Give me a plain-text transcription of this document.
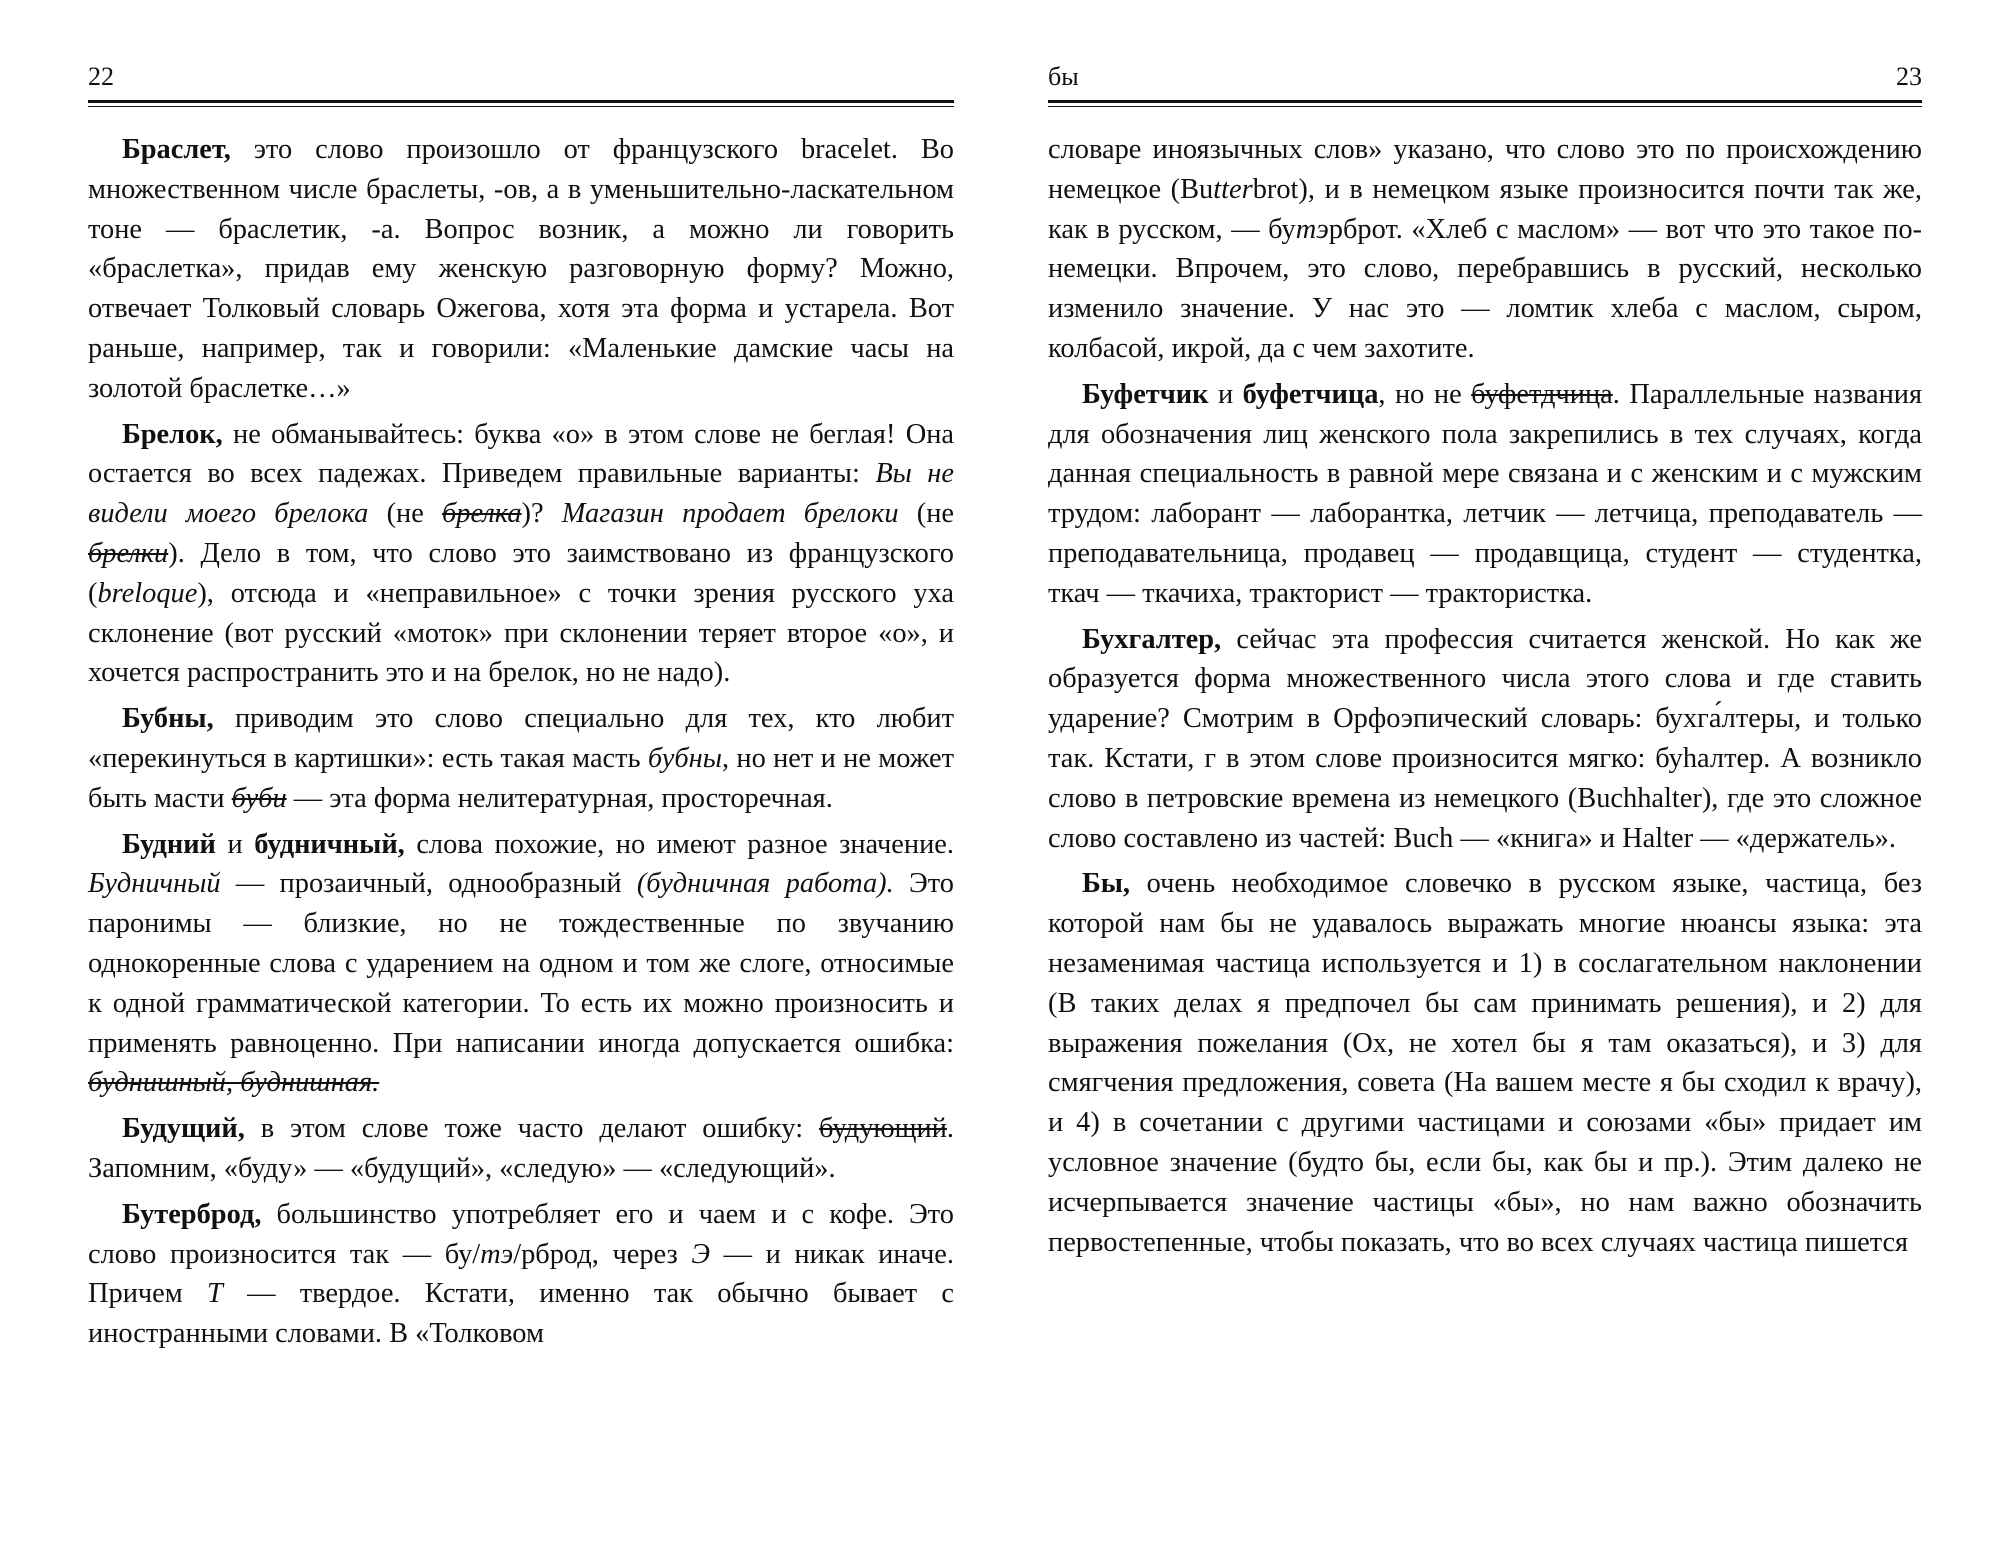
22

Браслет, это слово произошло от французского bracelet. Во множественном числе браслеты, -ов, а в уменьшительно-ласкательном тоне — браслетик, -а. Вопрос возник, а можно ли говорить «браслетка», придав ему женскую разговорную форму? Можно, отвечает Толковый словарь Ожегова, хотя эта форма и устарела. Вот раньше, например, так и говорили: «Маленькие дамские часы на золотой браслетке…»

Брелок, не обманывайтесь: буква «о» в этом слове не беглая! Она остается во всех падежах. Приведем правильные варианты: Вы не видели моего брелока (не брелка)? Магазин продает брелоки (не брелки). Дело в том, что слово это заимствовано из французского (breloque), отсюда и «неправильное» с точки зрения русского уха склонение (вот русский «моток» при склонении теряет второе «о», и хочется распространить это и на брелок, но не надо).

Бубны, приводим это слово специально для тех, кто любит «перекинуться в картишки»: есть такая масть бубны, но нет и не может быть масти буби — эта форма нелитературная, просторечная.

Будний и будничный, слова похожие, но имеют разное значение. Будничный — прозаичный, однообразный (будничная работа). Это паронимы — близкие, но не тождественные по звучанию однокоренные слова с ударением на одном и том же слоге, относимые к одной грамматической категории. То есть их можно произносить и применять равноценно. При написании иногда допускается ошибка: буднишный, буднишная.

Будущий, в этом слове тоже часто делают ошибку: будующий. Запомним, «буду» — «будущий», «следую» — «следующий».

Бутерброд, большинство употребляет его и чаем и с кофе. Это слово произносится так — бу/тэ/рброд, через Э — и никак иначе. Причем Т — твердое. Кстати, именно так обычно бывает с иностранными словами. В «Толковом

бы	23

словаре иноязычных слов» указано, что слово это по происхождению немецкое (Butterbrot), и в немецком языке произносится почти так же, как в русском, — бутэрброт. «Хлеб с маслом» — вот что это такое по-немецки. Впрочем, это слово, перебравшись в русский, несколько изменило значение. У нас это — ломтик хлеба с маслом, сыром, колбасой, икрой, да с чем захотите.

Буфетчик и буфетчица, но не буфетдчица. Параллельные названия для обозначения лиц женского пола закрепились в тех случаях, когда данная специальность в равной мере связана и с женским и с мужским трудом: лаборант — лаборантка, летчик — летчица, преподаватель — преподавательница, продавец — продавщица, студент — студентка, ткач — ткачиха, тракторист — трактористка.

Бухгалтер, сейчас эта профессия считается женской. Но как же образуется форма множественного числа этого слова и где ставить ударение? Смотрим в Орфоэпический словарь: бухга́лтеры, и только так. Кстати, г в этом слове произносится мягко: буhалтер. А возникло слово в петровские времена из немецкого (Buchhalter), где это сложное слово составлено из частей: Buch — «книга» и Halter — «держатель».

Бы, очень необходимое словечко в русском языке, частица, без которой нам бы не удавалось выражать многие нюансы языка: эта незаменимая частица используется и 1) в сослагательном наклонении (В таких делах я предпочел бы сам принимать решения), и 2) для выражения пожелания (Ох, не хотел бы я там оказаться), и 3) для смягчения предложения, совета (На вашем месте я бы сходил к врачу), и 4) в сочетании с другими частицами и союзами «бы» придает им условное значение (будто бы, если бы, как бы и пр.). Этим далеко не исчерпывается значение частицы «бы», но нам важно обозначить первостепенные, чтобы показать, что во всех случаях частица пишется
